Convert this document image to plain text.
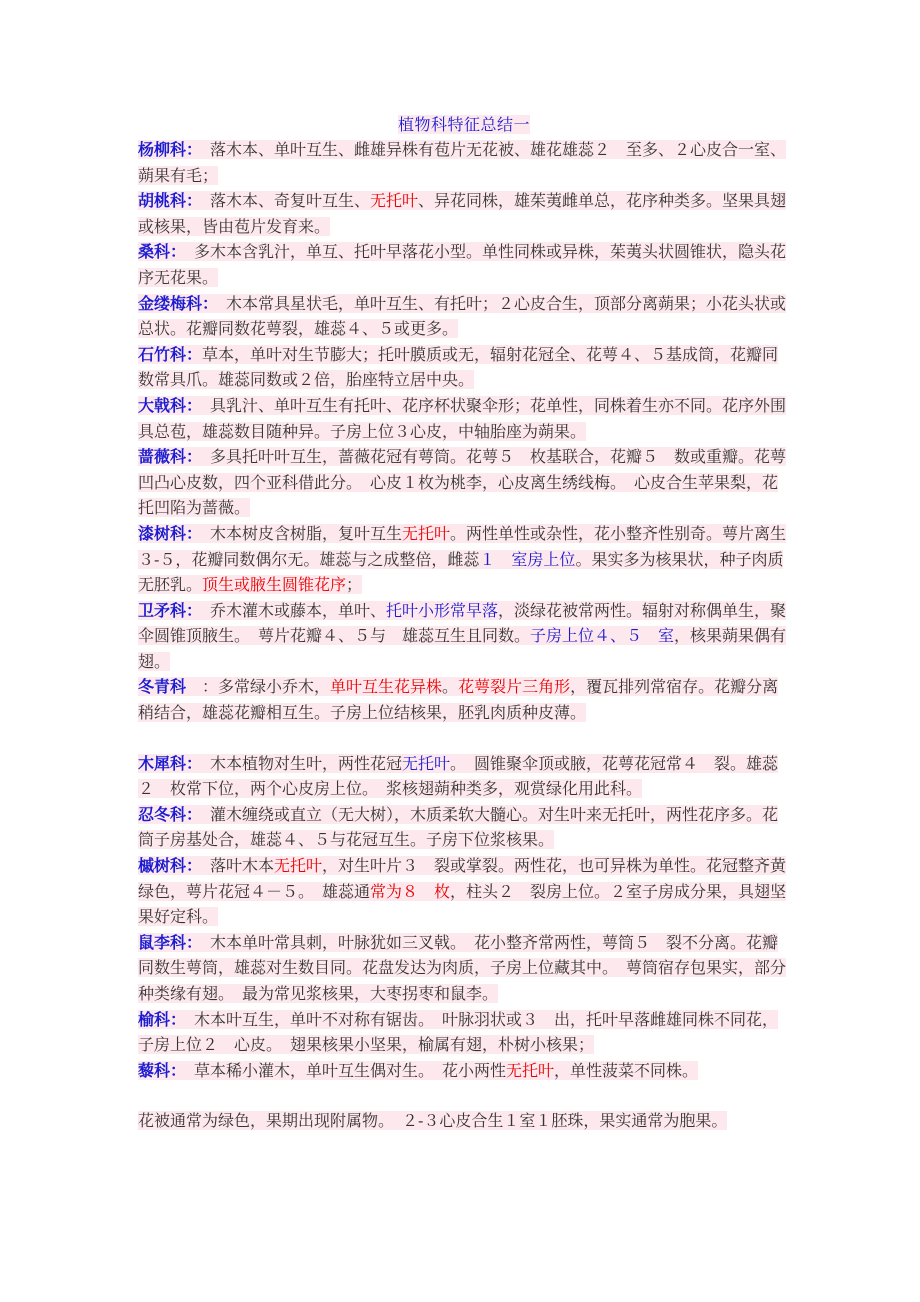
植物科特征总结一
杨柳科：　落木本、单叶互生、雌雄异株有苞片无花被、雄花雄蕊２　至多、２心皮合一室、蒴果有毛；
胡桃科：　落木本、奇复叶互生、无托叶、异花同株，雄茱荑雌单总，花序种类多。坚果具翅或核果，皆由苞片发育来。
桑科：　多木本含乳汁，单互、托叶早落花小型。单性同株或异株，茱荑头状圆锥状，隐头花序无花果。
金缕梅科：　木本常具星状毛，单叶互生、有托叶；２心皮合生，顶部分离蒴果；小花头状或总状。花瓣同数花萼裂，雄蕊４、５或更多。
石竹科：草本，单叶对生节膨大；托叶膜质或无，辐射花冠全、花萼４、５基成筒，花瓣同数常具爪。雄蕊同数或２倍，胎座特立居中央。
大戟科：　具乳汁、单叶互生有托叶、花序杯状聚伞形；花单性，同株着生亦不同。花序外围具总苞，雄蕊数目随种异。子房上位３心皮，中轴胎座为蒴果。
蔷薇科：　多具托叶叶互生，蔷薇花冠有萼筒。花萼５　枚基联合，花瓣５　数或重瓣。花萼凹凸心皮数，四个亚科借此分。　心皮１枚为桃李，心皮离生绣线梅。　心皮合生苹果梨，花托凹陷为蔷薇。
漆树科：　木本树皮含树脂，复叶互生无托叶。两性单性或杂性，花小整齐性别奇。萼片离生３-５，花瓣同数偶尔无。雄蕊与之成整倍，雌蕊１　室房上位。果实多为核果状，种子肉质无胚乳。顶生或腋生圆锥花序；
卫矛科：　乔木灌木或藤本，单叶、托叶小形常早落，淡绿花被常两性。辐射对称偶单生，聚伞圆锥顶腋生。　萼片花瓣４、５与　雄蕊互生且同数。子房上位４、５　室，核果蒴果偶有翅。
冬青科　：多常绿小乔木，单叶互生花异株。花萼裂片三角形，覆瓦排列常宿存。花瓣分离稍结合，雄蕊花瓣相互生。子房上位结核果，胚乳肉质种皮薄。
木犀科：　木本植物对生叶，两性花冠无托叶。　圆锥聚伞顶或腋，花萼花冠常４　裂。雄蕊２　枚常下位，两个心皮房上位。　浆核翅蒴种类多，观赏绿化用此科。
忍冬科：　灌木缠绕或直立（无大树），木质柔软大髓心。对生叶来无托叶，两性花序多。花筒子房基处合，雄蕊４、５与花冠互生。子房下位浆核果。
槭树科：　落叶木本无托叶，对生叶片３　裂或掌裂。两性花，也可异株为单性。花冠整齐黄绿色，萼片花冠４－５。　雄蕊通常为８　枚，柱头２　裂房上位。２室子房成分果，具翅坚果好定科。
鼠李科：　木本单叶常具刺，叶脉犹如三叉戟。　花小整齐常两性，萼筒５　裂不分离。花瓣同数生萼筒，雄蕊对生数目同。花盘发达为肉质，子房上位藏其中。　萼筒宿存包果实，部分种类缘有翅。　最为常见浆核果，大枣拐枣和鼠李。
榆科：　木本叶互生，单叶不对称有锯齿。　叶脉羽状或３　出，托叶早落雌雄同株不同花，子房上位２　心皮。　翅果核果小坚果，榆属有翅，朴树小核果；
藜科：　草本稀小灌木，单叶互生偶对生。　花小两性无托叶，单性菠菜不同株。
花被通常为绿色，果期出现附属物。　２-３心皮合生１室１胚珠，果实通常为胞果。
